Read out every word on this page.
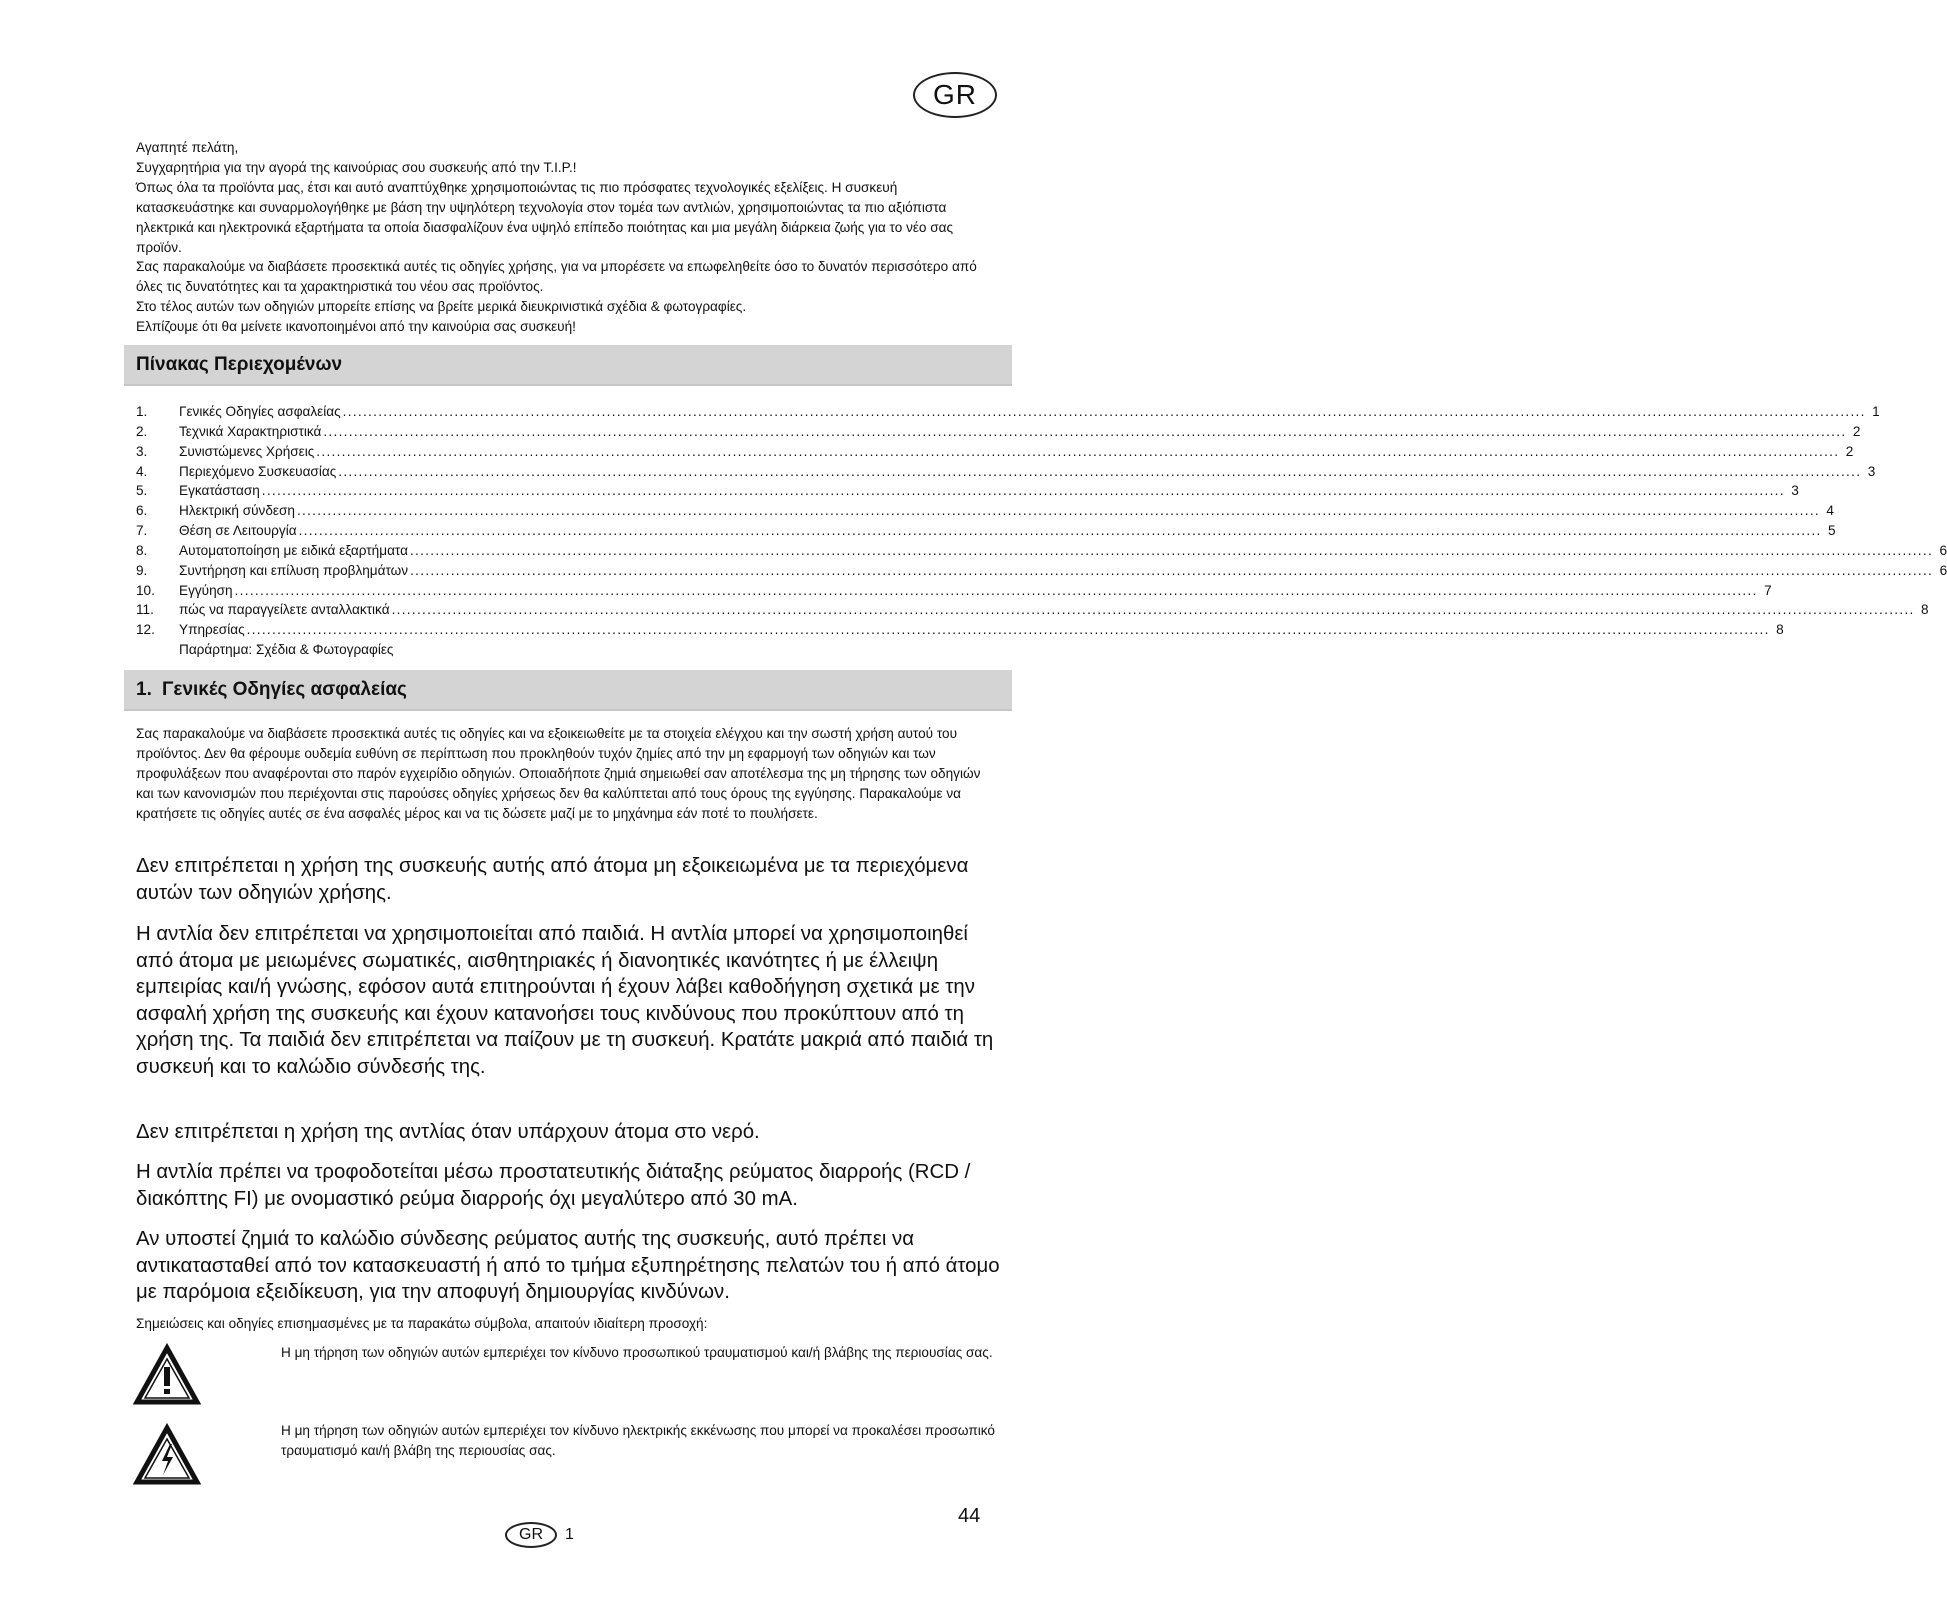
GR

Αγαπητέ πελάτη,

Συγχαρητήρια για την αγορά της καινούριας σου συσκευής από την T.I.P.!

Όπως όλα τα προϊόντα μας, έτσι και αυτό αναπτύχθηκε χρησιμοποιώντας τις πιο πρόσφατες τεχνολογικές εξελίξεις. Η συσκευή κατασκευάστηκε και συναρμολογήθηκε με βάση την υψηλότερη τεχνολογία στον τομέα των αντλιών, χρησιμοποιώντας τα πιο αξιόπιστα ηλεκτρικά και ηλεκτρονικά εξαρτήματα τα οποία διασφαλίζουν ένα υψηλό επίπεδο ποιότητας και μια μεγάλη διάρκεια ζωής για το νέο σας προϊόν.

Σας παρακαλούμε να διαβάσετε προσεκτικά αυτές τις οδηγίες χρήσης, για να μπορέσετε να επωφεληθείτε όσο το δυνατόν περισσότερο από όλες τις δυνατότητες και τα χαρακτηριστικά του νέου σας προϊόντος.

Στο τέλος αυτών των οδηγιών μπορείτε επίσης να βρείτε μερικά διευκρινιστικά σχέδια & φωτογραφίες.

Ελπίζουμε ότι θα μείνετε ικανοποιημένοι από την καινούρια σας συσκευή!

Πίνακας Περιεχομένων
1.	Γενικές Οδηγίες ασφαλείας ............................................................................................................................................................................................................................................................................................................ 1
2.	Τεχνικά Χαρακτηριστικά ............................................................................................................................................................................................................................................................................................................ 2
3.	Συνιστώμενες Χρήσεις ............................................................................................................................................................................................................................................................................................................ 2
4.	Περιεχόμενο Συσκευασίας ............................................................................................................................................................................................................................................................................................................ 3
5.	Εγκατάσταση ............................................................................................................................................................................................................................................................................................................ 3
6.	Ηλεκτρική σύνδεση ............................................................................................................................................................................................................................................................................................................ 4
7.	Θέση σε Λειτουργία ............................................................................................................................................................................................................................................................................................................ 5
8.	Αυτοματοποίηση με ειδικά εξαρτήματα ............................................................................................................................................................................................................................................................................................................ 6
9.	Συντήρηση και επίλυση προβλημάτων ............................................................................................................................................................................................................................................................................................................ 6
10.	Εγγύηση ............................................................................................................................................................................................................................................................................................................ 7
11.	πώς να παραγγείλετε ανταλλακτικά ............................................................................................................................................................................................................................................................................................................ 8
12.	Υπηρεσίας ............................................................................................................................................................................................................................................................................................................ 8
Παράρτημα: Σχέδια & Φωτογραφίες
1. Γενικές Οδηγίες ασφαλείας

Σας παρακαλούμε να διαβάσετε προσεκτικά αυτές τις οδηγίες και να εξοικειωθείτε με τα στοιχεία ελέγχου και την σωστή χρήση αυτού του προϊόντος. Δεν θα φέρουμε ουδεμία ευθύνη σε περίπτωση που προκληθούν τυχόν ζημίες από την μη εφαρμογή των οδηγιών και των προφυλάξεων που αναφέρονται στο παρόν εγχειρίδιο οδηγιών. Οποιαδήποτε ζημιά σημειωθεί σαν αποτέλεσμα της μη τήρησης των οδηγιών και των κανονισμών που περιέχονται στις παρούσες οδηγίες χρήσεως δεν θα καλύπτεται από τους όρους της εγγύησης. Παρακαλούμε να κρατήσετε τις οδηγίες αυτές σε ένα ασφαλές μέρος και να τις δώσετε μαζί με το μηχάνημα εάν ποτέ το πουλήσετε.

Δεν επιτρέπεται η χρήση της συσκευής αυτής από άτομα μη εξοικειωμένα με τα περιεχόμενα αυτών των οδηγιών χρήσης.

Η αντλία δεν επιτρέπεται να χρησιμοποιείται από παιδιά. Η αντλία μπορεί να χρησιμοποιηθεί από άτομα με μειωμένες σωματικές, αισθητηριακές ή διανοητικές ικανότητες ή με έλλειψη εμπειρίας και/ή γνώσης, εφόσον αυτά επιτηρούνται ή έχουν λάβει καθοδήγηση σχετικά με την ασφαλή χρήση της συσκευής και έχουν κατανοήσει τους κινδύνους που προκύπτουν από τη χρήση της. Τα παιδιά δεν επιτρέπεται να παίζουν με τη συσκευή. Κρατάτε μακριά από παιδιά τη συσκευή και το καλώδιο σύνδεσής της.

Δεν επιτρέπεται η χρήση της αντλίας όταν υπάρχουν άτομα στο νερό.

Η αντλία πρέπει να τροφοδοτείται μέσω προστατευτικής διάταξης ρεύματος διαρροής (RCD / διακόπτης FI) με ονομαστικό ρεύμα διαρροής όχι μεγαλύτερο από 30 mA.

Αν υποστεί ζημιά το καλώδιο σύνδεσης ρεύματος αυτής της συσκευής, αυτό πρέπει να αντικατασταθεί από τον κατασκευαστή ή από το τμήμα εξυπηρέτησης πελατών του ή από άτομο με παρόμοια εξειδίκευση, για την αποφυγή δημιουργίας κινδύνων.

Σημειώσεις και οδηγίες επισημασμένες με τα παρακάτω σύμβολα, απαιτούν ιδιαίτερη προσοχή:
Η μη τήρηση των οδηγιών αυτών εμπεριέχει τον κίνδυνο προσωπικού τραυματισμού και/ή βλάβης της περιουσίας σας.
Η μη τήρηση των οδηγιών αυτών εμπεριέχει τον κίνδυνο ηλεκτρικής εκκένωσης που μπορεί να προκαλέσει προσωπικό τραυματισμό και/ή βλάβη της περιουσίας σας.
44
GR	1
